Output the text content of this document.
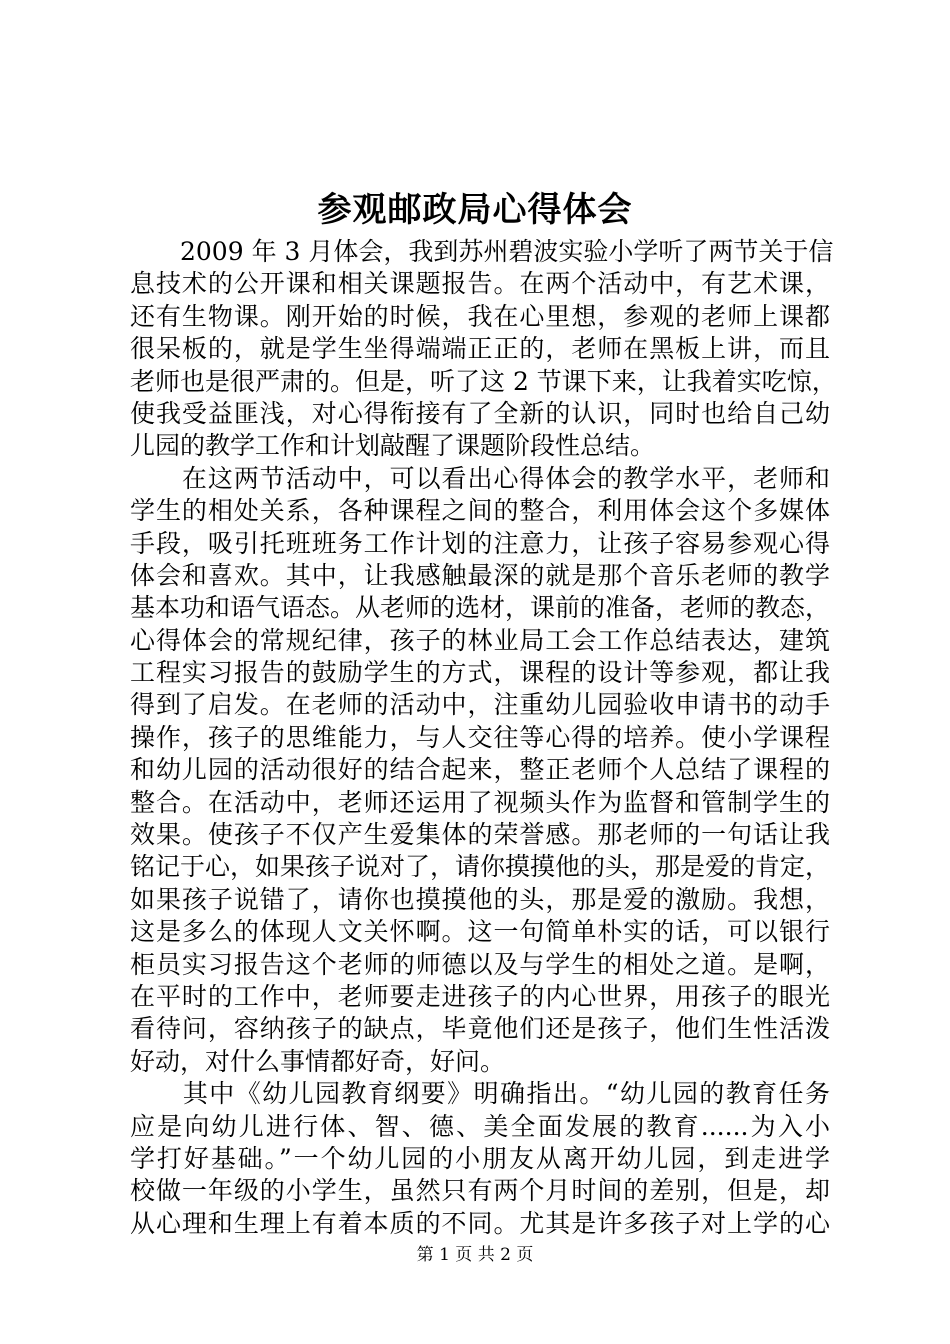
参观邮政局心得体会
　　2009 年 3 月体会，我到苏州碧波实验小学听了两节关于信
息技术的公开课和相关课题报告。在两个活动中，有艺术课，
还有生物课。刚开始的时候，我在心里想，参观的老师上课都
很呆板的，就是学生坐得端端正正的，老师在黑板上讲，而且
老师也是很严肃的。但是，听了这 2 节课下来，让我着实吃惊，
使我受益匪浅，对心得衔接有了全新的认识，同时也给自己幼
儿园的教学工作和计划敲醒了课题阶段性总结。
　　在这两节活动中，可以看出心得体会的教学水平，老师和
学生的相处关系，各种课程之间的整合，利用体会这个多媒体
手段，吸引托班班务工作计划的注意力，让孩子容易参观心得
体会和喜欢。其中，让我感触最深的就是那个音乐老师的教学
基本功和语气语态。从老师的选材，课前的准备，老师的教态，
心得体会的常规纪律，孩子的林业局工会工作总结表达，建筑
工程实习报告的鼓励学生的方式，课程的设计等参观，都让我
得到了启发。在老师的活动中，注重幼儿园验收申请书的动手
操作，孩子的思维能力，与人交往等心得的培养。使小学课程
和幼儿园的活动很好的结合起来，整正老师个人总结了课程的
整合。在活动中，老师还运用了视频头作为监督和管制学生的
效果。使孩子不仅产生爱集体的荣誉感。那老师的一句话让我
铭记于心，如果孩子说对了，请你摸摸他的头，那是爱的肯定，
如果孩子说错了，请你也摸摸他的头，那是爱的激励。我想，
这是多么的体现人文关怀啊。这一句简单朴实的话，可以银行
柜员实习报告这个老师的师德以及与学生的相处之道。是啊，
在平时的工作中，老师要走进孩子的内心世界，用孩子的眼光
看待问，容纳孩子的缺点，毕竟他们还是孩子，他们生性活泼
好动，对什么事情都好奇，好问。
　　其中《幼儿园教育纲要》明确指出。“幼儿园的教育任务
应是向幼儿进行体、智、德、美全面发展的教育......为入小
学打好基础。”一个幼儿园的小朋友从离开幼儿园，到走进学
校做一年级的小学生，虽然只有两个月时间的差别，但是，却
从心理和生理上有着本质的不同。尤其是许多孩子对上学的心
第 1 页 共 2 页
